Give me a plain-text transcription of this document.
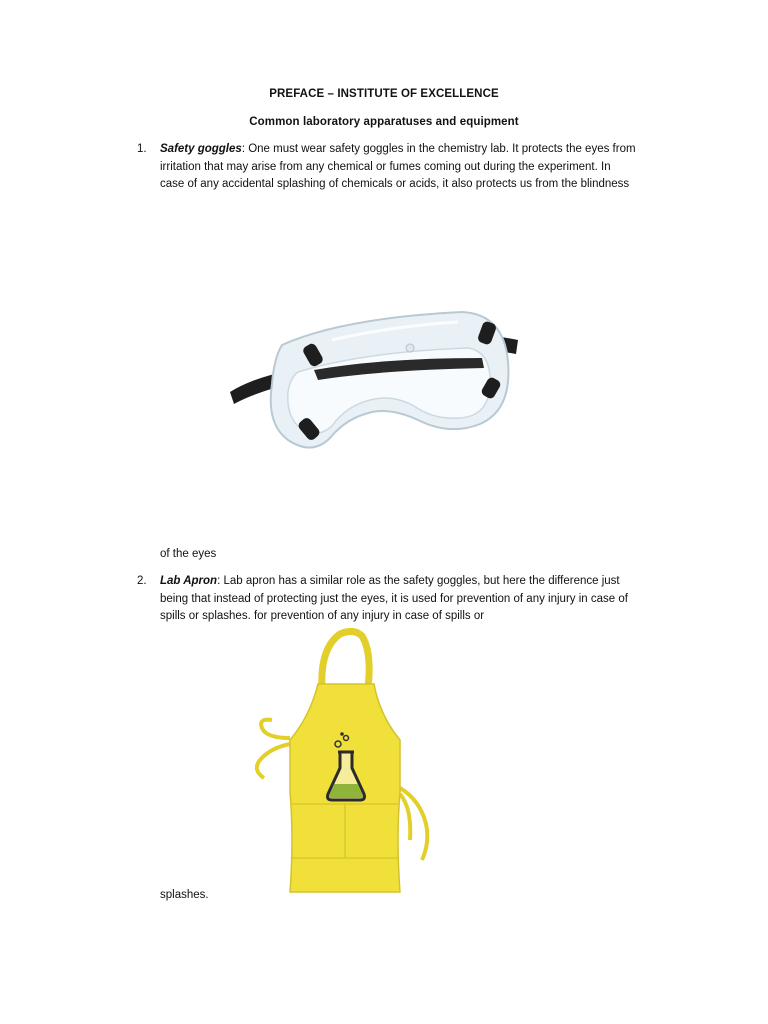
PREFACE – INSTITUTE OF EXCELLENCE
Common laboratory apparatuses and equipment
1. Safety goggles: One must wear safety goggles in the chemistry lab. It protects the eyes from
irritation that may arise from any chemical or fumes coming out during the experiment. In
case of any accidental splashing of chemicals or acids, it also protects us from the blindness
of the eyes
2. Lab Apron: Lab apron has a similar role as the safety goggles, but here the difference just
being that instead of protecting just the eyes, it is used for prevention of any injury in case of
spills or splashes. for prevention of any injury in case of spills or
splashes.
